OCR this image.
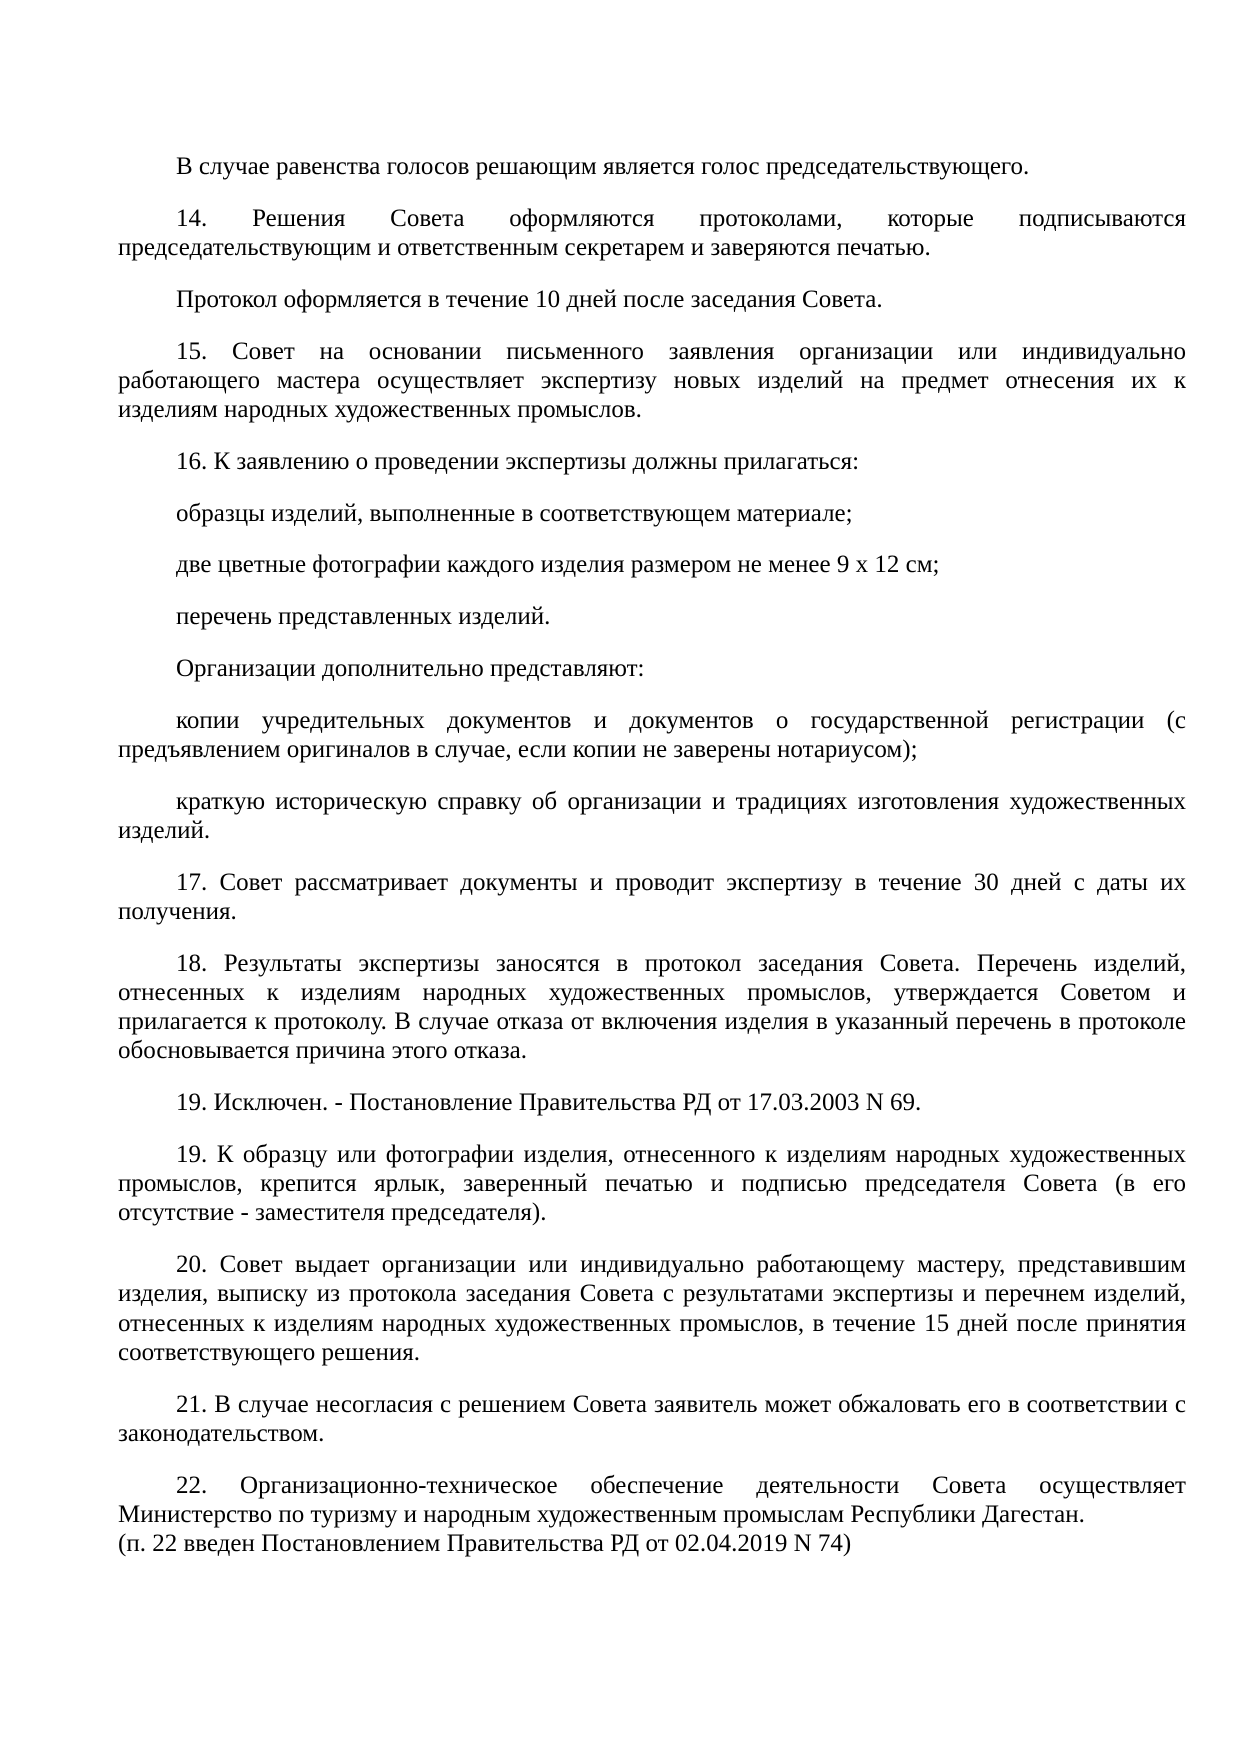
В случае равенства голосов решающим является голос председательствующего.

14. Решения Совета оформляются протоколами, которые подписываются председательствующим и ответственным секретарем и заверяются печатью.

Протокол оформляется в течение 10 дней после заседания Совета.

15. Совет на основании письменного заявления организации или индивидуально работающего мастера осуществляет экспертизу новых изделий на предмет отнесения их к изделиям народных художественных промыслов.

16. К заявлению о проведении экспертизы должны прилагаться:

образцы изделий, выполненные в соответствующем материале;

две цветные фотографии каждого изделия размером не менее 9 x 12 см;

перечень представленных изделий.

Организации дополнительно представляют:

копии учредительных документов и документов о государственной регистрации (с предъявлением оригиналов в случае, если копии не заверены нотариусом);

краткую историческую справку об организации и традициях изготовления художественных изделий.

17. Совет рассматривает документы и проводит экспертизу в течение 30 дней с даты их получения.

18. Результаты экспертизы заносятся в протокол заседания Совета. Перечень изделий, отнесенных к изделиям народных художественных промыслов, утверждается Советом и прилагается к протоколу. В случае отказа от включения изделия в указанный перечень в протоколе обосновывается причина этого отказа.

19. Исключен. - Постановление Правительства РД от 17.03.2003 N 69.

19. К образцу или фотографии изделия, отнесенного к изделиям народных художественных промыслов, крепится ярлык, заверенный печатью и подписью председателя Совета (в его отсутствие - заместителя председателя).

20. Совет выдает организации или индивидуально работающему мастеру, представившим изделия, выписку из протокола заседания Совета с результатами экспертизы и перечнем изделий, отнесенных к изделиям народных художественных промыслов, в течение 15 дней после принятия соответствующего решения.

21. В случае несогласия с решением Совета заявитель может обжаловать его в соответствии с законодательством.

22. Организационно-техническое обеспечение деятельности Совета осуществляет Министерство по туризму и народным художественным промыслам Республики Дагестан.
(п. 22 введен Постановлением Правительства РД от 02.04.2019 N 74)
